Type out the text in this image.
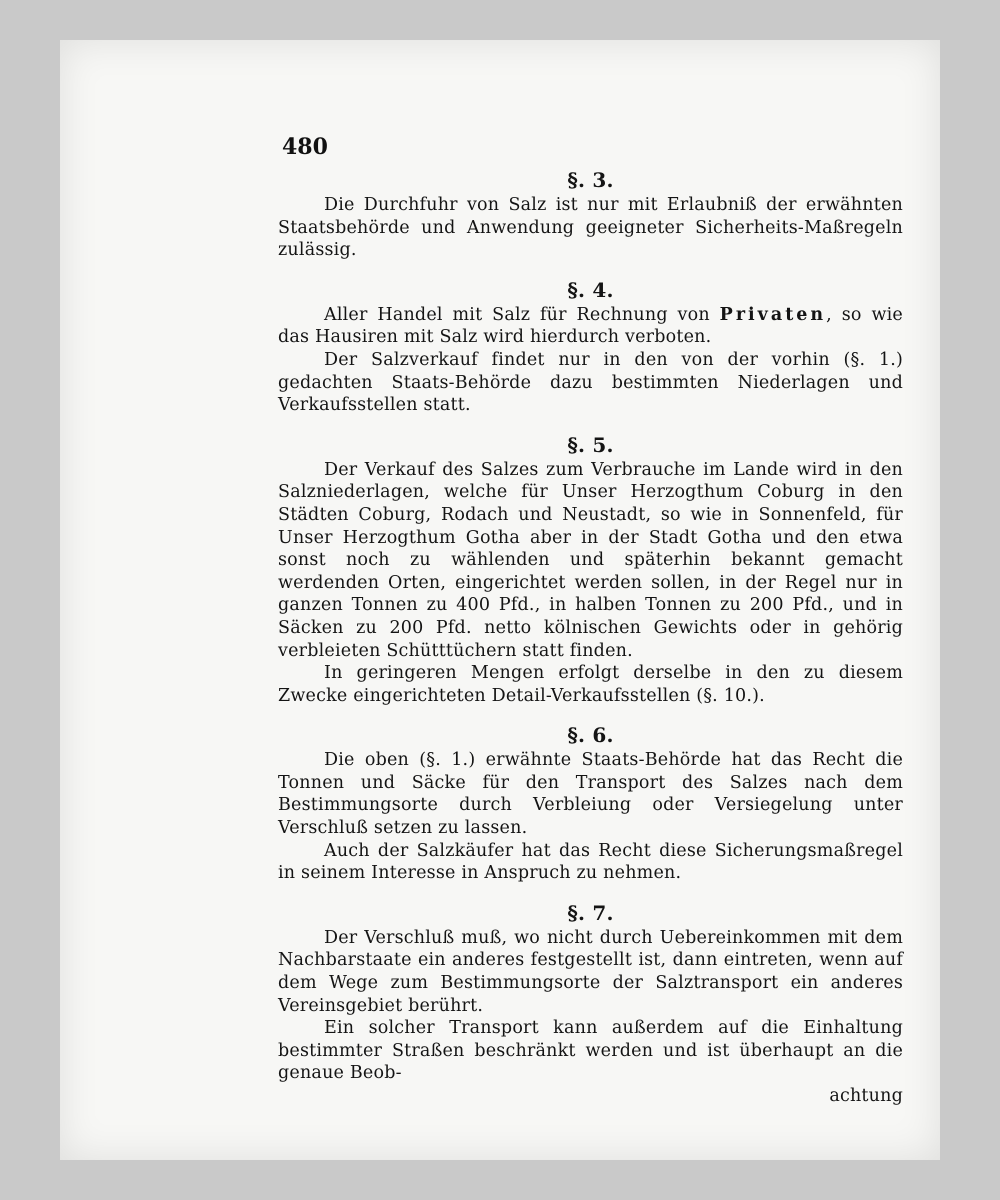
480
§. 3.

Die Durchfuhr von Salz ist nur mit Erlaubniß der erwähnten Staatsbehörde und Anwendung geeigneter Sicherheits-Maßregeln zulässig.

§. 4.

Aller Handel mit Salz für Rechnung von Privaten, so wie das Hausiren mit Salz wird hierdurch verboten.

Der Salzverkauf findet nur in den von der vorhin (§. 1.) gedachten Staats-Behörde dazu bestimmten Niederlagen und Verkaufsstellen statt.

§. 5.

Der Verkauf des Salzes zum Verbrauche im Lande wird in den Salzniederlagen, welche für Unser Herzogthum Coburg in den Städten Coburg, Rodach und Neustadt, so wie in Sonnenfeld, für Unser Herzogthum Gotha aber in der Stadt Gotha und den etwa sonst noch zu wählenden und späterhin bekannt gemacht werdenden Orten, eingerichtet werden sollen, in der Regel nur in ganzen Tonnen zu 400 Pfd., in halben Tonnen zu 200 Pfd., und in Säcken zu 200 Pfd. netto kölnischen Gewichts oder in gehörig verbleieten Schütttüchern statt finden.

In geringeren Mengen erfolgt derselbe in den zu diesem Zwecke eingerichteten Detail-Verkaufsstellen (§. 10.).

§. 6.

Die oben (§. 1.) erwähnte Staats-Behörde hat das Recht die Tonnen und Säcke für den Transport des Salzes nach dem Bestimmungsorte durch Verbleiung oder Versiegelung unter Verschluß setzen zu lassen.

Auch der Salzkäufer hat das Recht diese Sicherungsmaßregel in seinem Interesse in Anspruch zu nehmen.

§. 7.

Der Verschluß muß, wo nicht durch Uebereinkommen mit dem Nachbarstaate ein anderes festgestellt ist, dann eintreten, wenn auf dem Wege zum Bestimmungsorte der Salztransport ein anderes Vereinsgebiet berührt.

Ein solcher Transport kann außerdem auf die Einhaltung bestimmter Straßen beschränkt werden und ist überhaupt an die genaue Beob-

achtung
